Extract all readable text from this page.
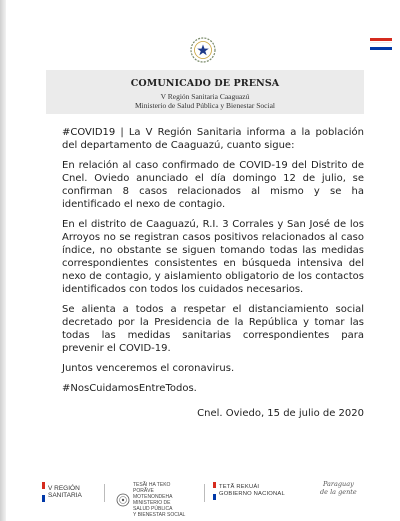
COMUNICADO DE PRENSA
V Región Sanitaria Caaguazú
Ministerio de Salud Pública y Bienestar Social

#COVID19 | La V Región Sanitaria informa a la población del departamento de Caaguazú, cuanto sigue:

En relación al caso confirmado de COVID-19 del Distrito de Cnel. Oviedo anunciado el día domingo 12 de julio, se confirman 8 casos relacionados al mismo y se ha identificado el nexo de contagio.

En el distrito de Caaguazú, R.I. 3 Corrales y San José de los Arroyos no se registran casos positivos relacionados al caso índice, no obstante se siguen tomando todas las medidas correspondientes consistentes en búsqueda intensiva del nexo de contagio, y aislamiento obligatorio de los contactos identificados con todos los cuidados necesarios.

Se alienta a todos a respetar el distanciamiento social decretado por la Presidencia de la República y tomar las todas las medidas sanitarias correspondientes para prevenir el COVID-19.

Juntos venceremos el coronavirus.

#NosCuidamosEntreTodos.

Cnel. Oviedo, 15 de julio de 2020

V REGIÓN
SANITARIA
TESÃI HA TEKO
PORÃVE
MOTENONDEHA
MINISTERIO DE
SALUD PÚBLICA
Y BIENESTAR SOCIAL
TETÃ REKUÁI
GOBIERNO NACIONAL
Paraguay
de la gente
